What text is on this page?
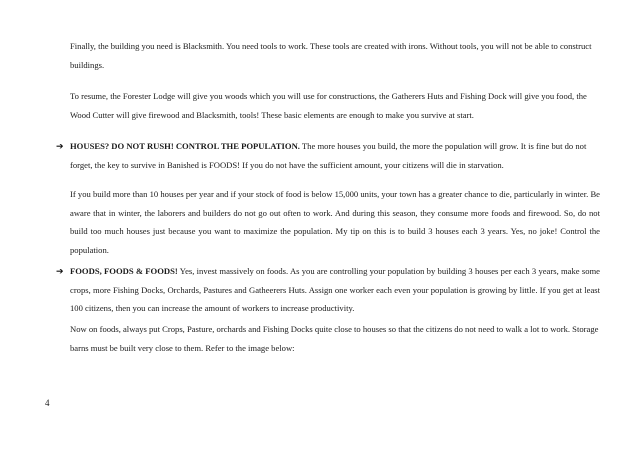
Finally, the building you need is Blacksmith. You need tools to work. These tools are created with irons. Without tools, you will not be able to construct buildings.

To resume, the Forester Lodge will give you woods which you will use for constructions, the Gatherers Huts and Fishing Dock will give you food, the Wood Cutter will give firewood and Blacksmith, tools! These basic elements are enough to make you survive at start.

➔ HOUSES? DO NOT RUSH! CONTROL THE POPULATION. The more houses you build, the more the population will grow. It is fine but do not forget, the key to survive in Banished is FOODS! If you do not have the sufficient amount, your citizens will die in starvation.

If you build more than 10 houses per year and if your stock of food is below 15,000 units, your town has a greater chance to die, particularly in winter. Be aware that in winter, the laborers and builders do not go out often to work. And during this season, they consume more foods and firewood. So, do not build too much houses just because you want to maximize the population. My tip on this is to build 3 houses each 3 years. Yes, no joke! Control the population.

➔ FOODS, FOODS & FOODS! Yes, invest massively on foods. As you are controlling your population by building 3 houses per each 3 years, make some crops, more Fishing Docks, Orchards, Pastures and Gatheerers Huts. Assign one worker each even your population is growing by little. If you get at least 100 citizens, then you can increase the amount of workers to increase productivity.

Now on foods, always put Crops, Pasture, orchards and Fishing Docks quite close to houses so that the citizens do not need to walk a lot to work. Storage barns must be built very close to them. Refer to the image below:

4
